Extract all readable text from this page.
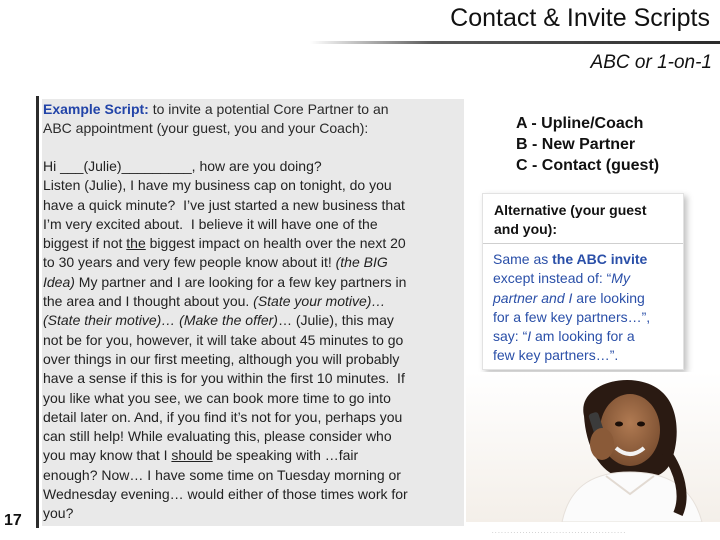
Contact & Invite Scripts
ABC or 1-on-1
17
Example Script: to invite a potential Core Partner to an
ABC appointment (your guest, you and your Coach):
Hi ___(Julie)_________, how are you doing?
Listen (Julie), I have my business cap on tonight, do you
have a quick minute?  I’ve just started a new business that
I’m very excited about.  I believe it will have one of the
biggest if not the biggest impact on health over the next 20
to 30 years and very few people know about it! (the BIG
Idea) My partner and I are looking for a few key partners in
the area and I thought about you. (State your motive)…
(State their motive)… (Make the offer)… (Julie), this may
not be for you, however, it will take about 45 minutes to go
over things in our first meeting, although you will probably
have a sense if this is for you within the first 10 minutes.  If
you like what you see, we can book more time to go into
detail later on. And, if you find it’s not for you, perhaps you
can still help! While evaluating this, please consider who
you may know that I should be speaking with …fair
enough? Now… I have some time on Tuesday morning or
Wednesday evening… would either of those times work for
you?
A - Upline/Coach
B - New Partner
C - Contact (guest)
Alternative (your guest
and you):
Same as the ABC invite
except instead of: “My
partner and I are looking
for a few key partners…”,
say: “I am looking for a
few key partners…”.
· · · · · · · · · · · · · · · · · · · · · · · · · · · · · · · · · · · · · · · · · · · ·
